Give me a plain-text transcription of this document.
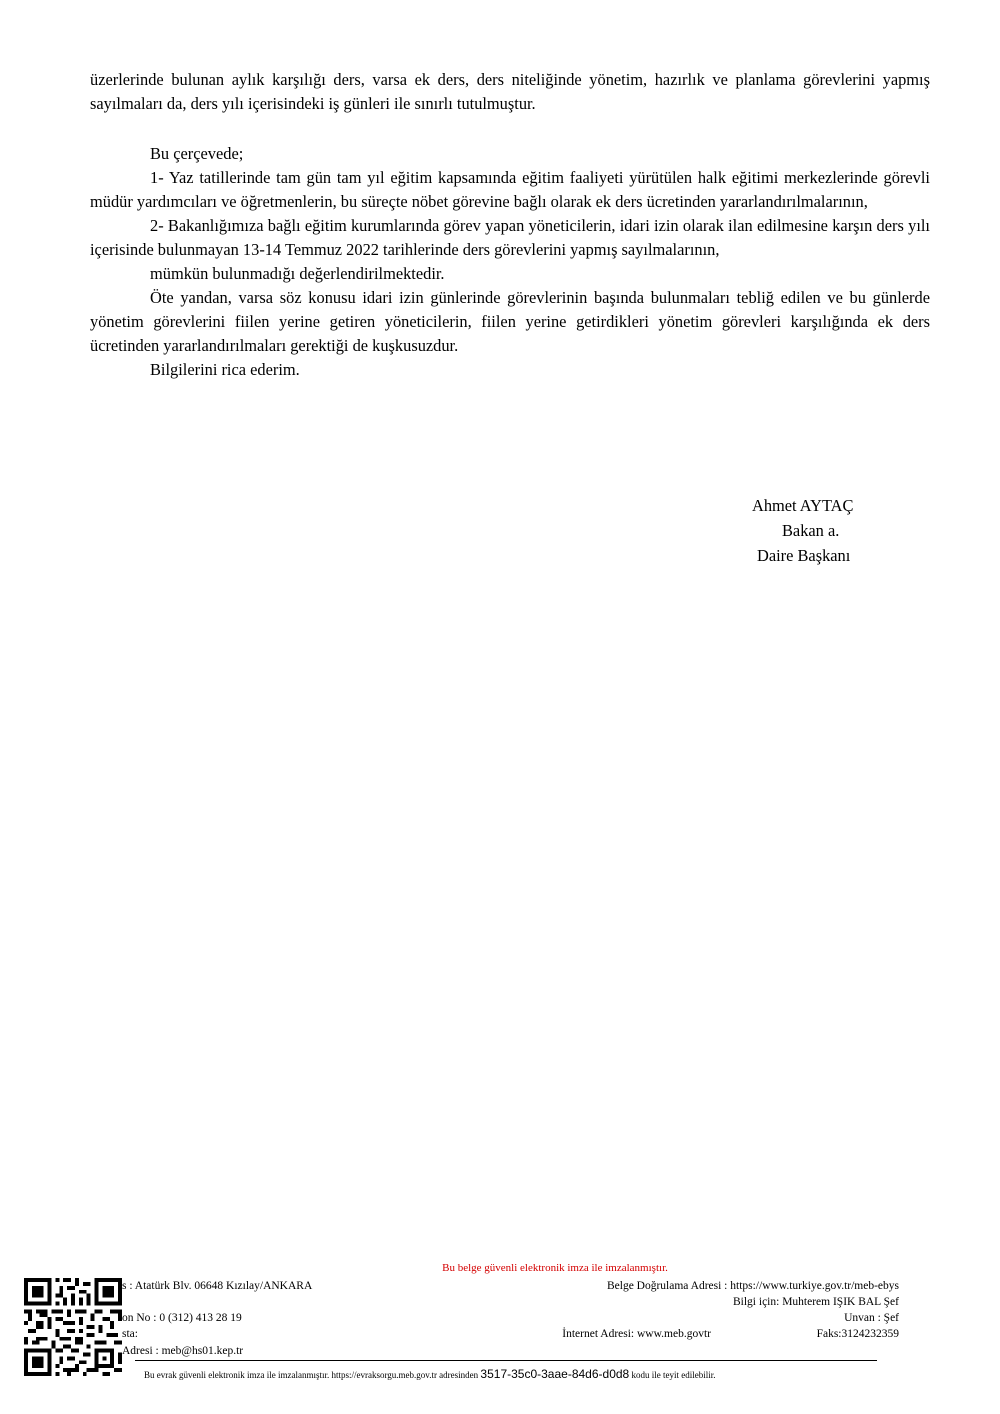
üzerlerinde bulunan aylık karşılığı ders, varsa ek ders, ders niteliğinde yönetim, hazırlık ve planlama görevlerini yapmış sayılmaları da, ders yılı içerisindeki iş günleri ile sınırlı tutulmuştur.

Bu çerçevede;

1- Yaz tatillerinde tam gün tam yıl eğitim kapsamında eğitim faaliyeti yürütülen halk eğitimi merkezlerinde görevli müdür yardımcıları ve öğretmenlerin, bu süreçte nöbet görevine bağlı olarak ek ders ücretinden yararlandırılmalarının,

2- Bakanlığımıza bağlı eğitim kurumlarında görev yapan yöneticilerin, idari izin olarak ilan edilmesine karşın ders yılı içerisinde bulunmayan 13-14 Temmuz 2022 tarihlerinde ders görevlerini yapmış sayılmalarının,

mümkün bulunmadığı değerlendirilmektedir.

Öte yandan, varsa söz konusu idari izin günlerinde görevlerinin başında bulunmaları tebliğ edilen ve bu günlerde yönetim görevlerini fiilen yerine getiren yöneticilerin, fiilen yerine getirdikleri yönetim görevleri karşılığında ek ders ücretinden yararlandırılmaları gerektiği de kuşkusuzdur.

Bilgilerini rica ederim.

Ahmet AYTAÇ
Bakan a.
Daire Başkanı
Bu belge güvenli elektronik imza ile imzalanmıştır.
s : Atatürk Blv. 06648 Kızılay/ANKARA
on No : 0 (312) 413 28 19
sta:
Adresi : meb@hs01.kep.tr
Belge Doğrulama Adresi : https://www.turkiye.gov.tr/meb-ebys
Bilgi için: Muhterem IŞIK BAL Şef
Unvan : Şef
İnternet Adresi: www.meb.govtr	Faks:3124232359
Bu evrak güvenli elektronik imza ile imzalanmıştır. https://evraksorgu.meb.gov.tr adresinden 3517-35c0-3aae-84d6-d0d8 kodu ile teyit edilebilir.
